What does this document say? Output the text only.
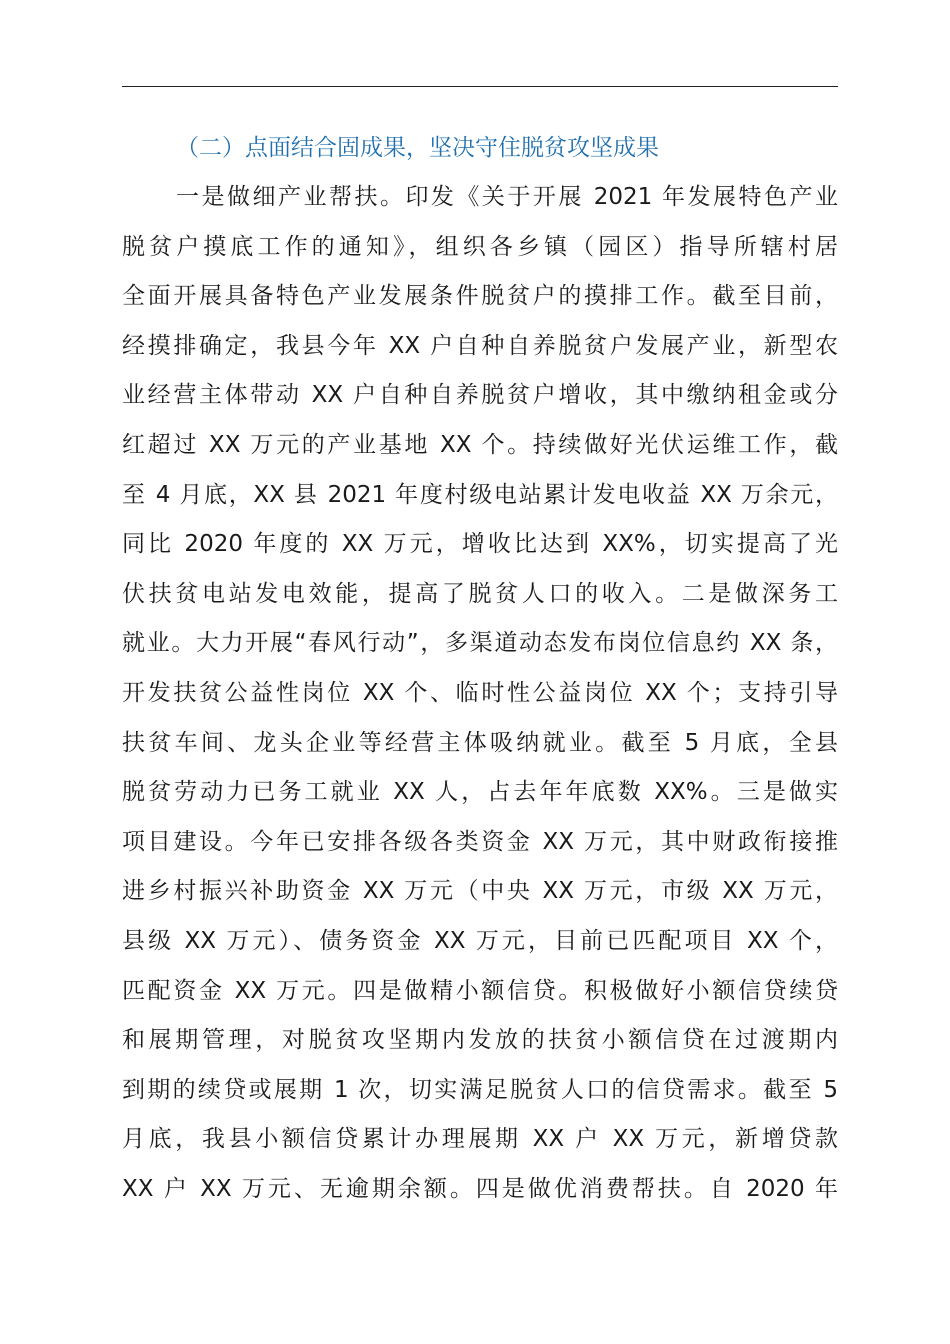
（二）点面结合固成果，坚决守住脱贫攻坚成果
一是做细产业帮扶。印发《关于开展 2021 年发展特色产业
脱贫户摸底工作的通知》，组织各乡镇（园区）指导所辖村居
全面开展具备特色产业发展条件脱贫户的摸排工作。截至目前，
经摸排确定，我县今年 XX 户自种自养脱贫户发展产业，新型农
业经营主体带动 XX 户自种自养脱贫户增收，其中缴纳租金或分
红超过 XX 万元的产业基地 XX 个。持续做好光伏运维工作，截
至 4 月底，XX 县 2021 年度村级电站累计发电收益 XX 万余元，
同比 2020 年度的 XX 万元，增收比达到 XX%，切实提高了光
伏扶贫电站发电效能，提高了脱贫人口的收入。二是做深务工
就业。大力开展“春风行动”，多渠道动态发布岗位信息约 XX 条，
开发扶贫公益性岗位 XX 个、临时性公益岗位 XX 个；支持引导
扶贫车间、龙头企业等经营主体吸纳就业。截至 5 月底，全县
脱贫劳动力已务工就业 XX 人，占去年年底数 XX%。三是做实
项目建设。今年已安排各级各类资金 XX 万元，其中财政衔接推
进乡村振兴补助资金 XX 万元（中央 XX 万元，市级 XX 万元，
县级 XX 万元）、债务资金 XX 万元，目前已匹配项目 XX 个，
匹配资金 XX 万元。四是做精小额信贷。积极做好小额信贷续贷
和展期管理，对脱贫攻坚期内发放的扶贫小额信贷在过渡期内
到期的续贷或展期 1 次，切实满足脱贫人口的信贷需求。截至 5
月底，我县小额信贷累计办理展期 XX 户 XX 万元，新增贷款
XX 户 XX 万元、无逾期余额。四是做优消费帮扶。自 2020 年
